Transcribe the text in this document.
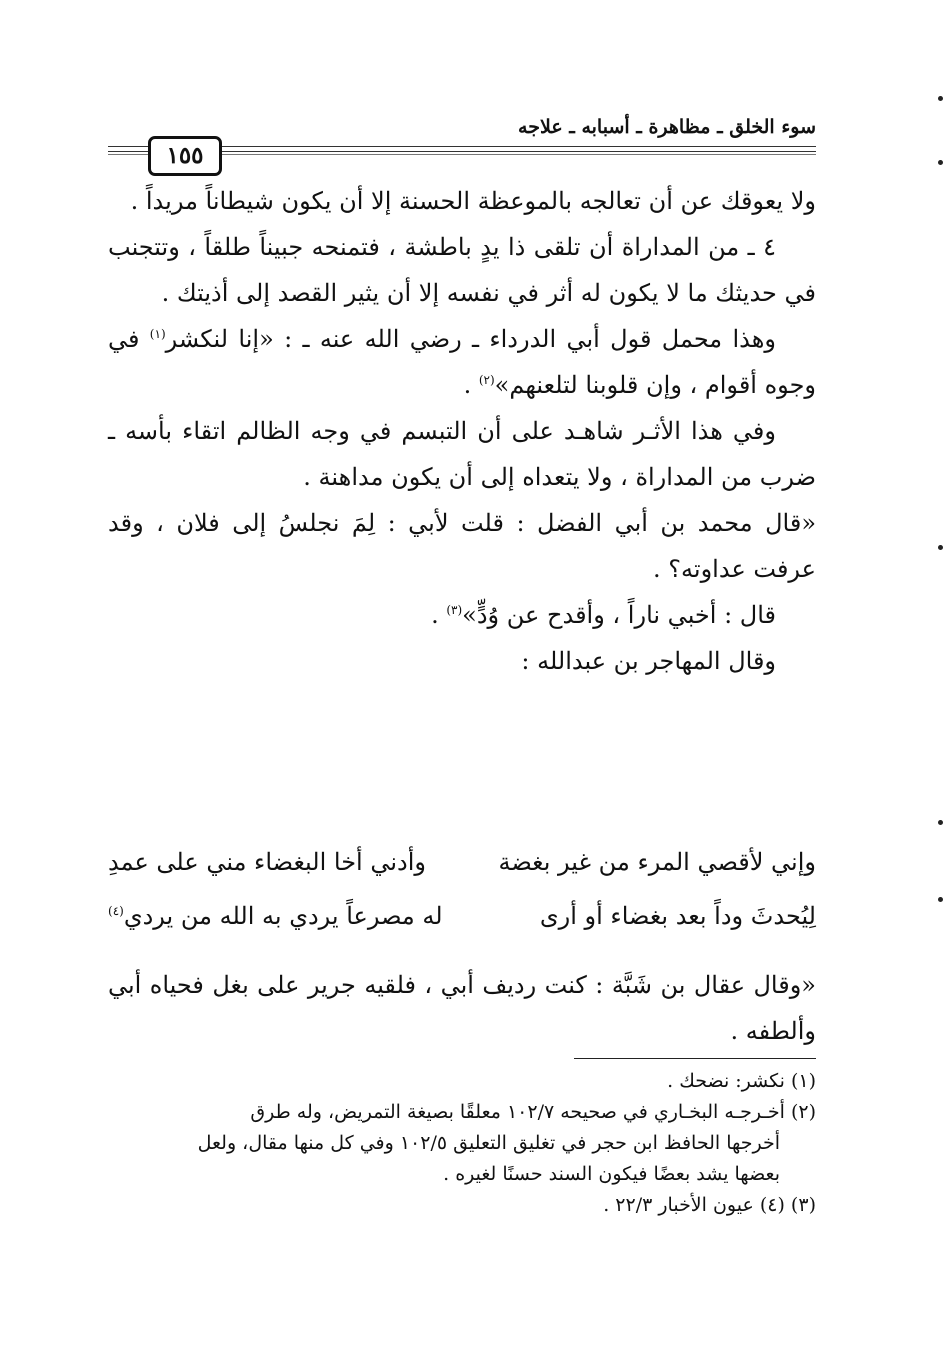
سوء الخلق ـ مظاهرة ـ أسبابه ـ علاجه
١٥٥

ولا يعوقك عن أن تعالجه بالموعظة الحسنة إلا أن يكون شيطاناً مريداً .

٤ ـ من المداراة أن تلقى ذا يدٍ باطشة ، فتمنحه جبيناً طلقاً ، وتتجنب في حديثك ما لا يكون له أثر في نفسه إلا أن يثير القصد إلى أذيتك .

وهذا محمل قول أبي الدرداء ـ رضي الله عنه ـ : «إنا لنكشر$^{(١)}$ في وجوه أقوام ، وإن قلوبنا لتلعنهم»$^{(٢)}$ .

وفي هذا الأثـر شاهـد على أن التبسم في وجه الظالم اتقاء بأسه ـ ضرب من المداراة ، ولا يتعداه إلى أن يكون مداهنة .

«قال محمد بن أبي الفضل : قلت لأبي : لِمَ نجلسُ إلى فلان ، وقد عرفت عداوته؟ .

قال : أخبي ناراً ، وأقدح عن وُدٍّ»$^{(٣)}$ .

وقال المهاجر بن عبدالله :

وإني لأقصي المرء من غير بغضة
وأدني أخا البغضاء مني على عمدِ
لِيُحدثَ وداً بعد بغضاء أو أرى
له مصرعاً يردي به الله من يردي$^{(٤)}$

«وقال عقال بن شَبَّة : كنت رديف أبي ، فلقيه جرير على بغل فحياه أبي وألطفه .

(١) نكشر: نضحك .

(٢) أخـرجـه البخـاري في صحيحه ١٠٢/٧ معلقًا بصيغة التمريض، وله طرق

أخرجها الحافظ ابن حجر في تغليق التعليق ١٠٢/٥ وفي كل منها مقال، ولعل

بعضها يشد بعضًا فيكون السند حسنًا لغيره .

(٣) (٤) عيون الأخبار ٢٢/٣ .
